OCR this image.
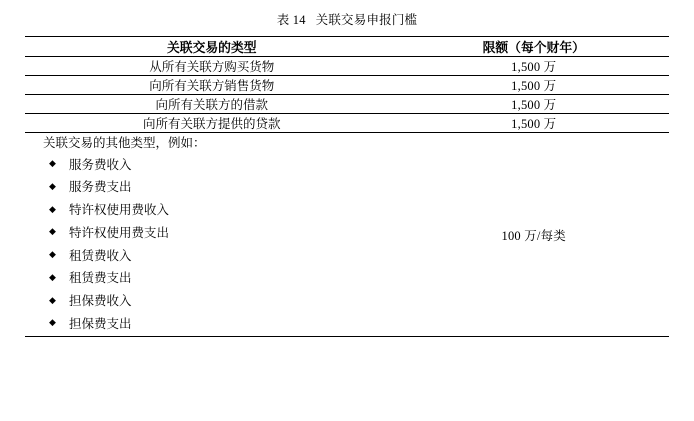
表 14 关联交易申报门槛
关联交易的类型	限额（每个财年）
从所有关联方购买货物	1,500 万
向所有关联方销售货物	1,500 万
向所有关联方的借款	1,500 万
向所有关联方提供的贷款	1,500 万

关联交易的其他类型，例如：
◆ 服务费收入
◆ 服务费支出
◆ 特许权使用费收入
◆ 特许权使用费支出
◆ 租赁费收入
◆ 租赁费支出
◆ 担保费收入
◆ 担保费支出
	100 万/每类
